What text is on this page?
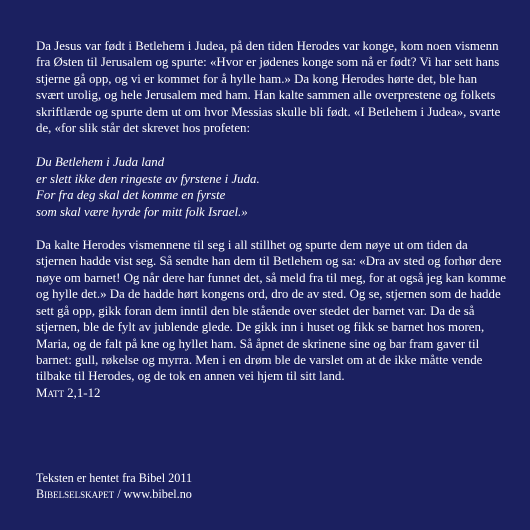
Da Jesus var født i Betlehem i Judea, på den tiden Herodes var konge, kom noen vismenn fra Østen til Jerusalem og spurte: «Hvor er jødenes konge som nå er født? Vi har sett hans stjerne gå opp, og vi er kommet for å hylle ham.» Da kong Herodes hørte det, ble han svært urolig, og hele Jerusalem med ham. Han kalte sammen alle overprestene og folkets skriftlærde og spurte dem ut om hvor Messias skulle bli født. «I Betlehem i Judea», svarte de, «for slik står det skrevet hos profeten:

Du Betlehem i Juda land
er slett ikke den ringeste av fyrstene i Juda.
For fra deg skal det komme en fyrste
som skal være hyrde for mitt folk Israel.»

Da kalte Herodes vismennene til seg i all stillhet og spurte dem nøye ut om tiden da stjernen hadde vist seg. Så sendte han dem til Betlehem og sa: «Dra av sted og forhør dere nøye om barnet! Og når dere har funnet det, så meld fra til meg, for at også jeg kan komme og hylle det.» Da de hadde hørt kongens ord, dro de av sted. Og se, stjernen som de hadde sett gå opp, gikk foran dem inntil den ble stående over stedet der barnet var. Da de så stjernen, ble de fylt av jublende glede. De gikk inn i huset og fikk se barnet hos moren, Maria, og de falt på kne og hyllet ham. Så åpnet de skrinene sine og bar fram gaver til barnet: gull, røkelse og myrra. Men i en drøm ble de varslet om at de ikke måtte vende tilbake til Herodes, og de tok en annen vei hjem til sitt land.

Matt 2,1-12

Teksten er hentet fra Bibel 2011
Bibelselskapet / www.bibel.no
